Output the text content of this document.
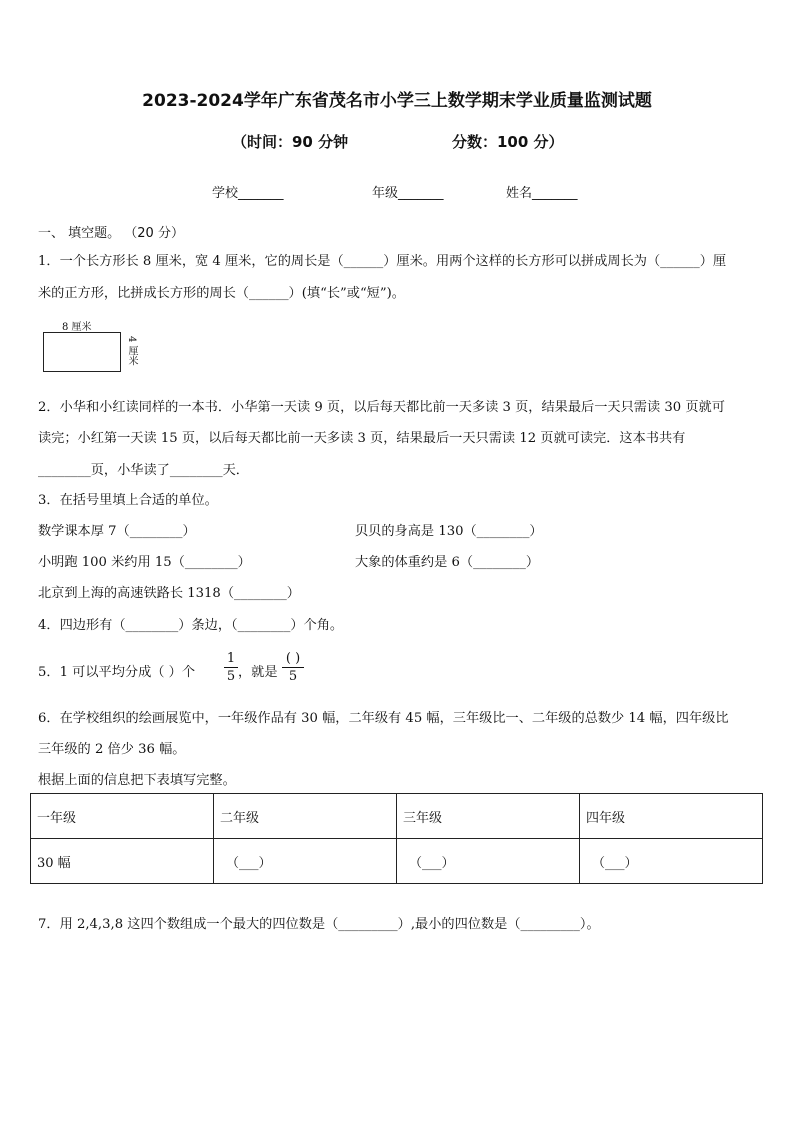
2023-2024学年广东省茂名市小学三上数学期末学业质量监测试题
（时间：90 分钟	分数：100 分）
学校_______	年级_______	姓名_______
一、 填空题。 （20 分）
1．一个长方形长 8 厘米，宽 4 厘米，它的周长是（______）厘米。用两个这样的长方形可以拼成周长为（______）厘
米的正方形，比拼成长方形的周长（______）(填“长”或“短”)。
8 厘米
4 厘米
2．小华和小红读同样的一本书．小华第一天读 9 页，以后每天都比前一天多读 3 页，结果最后一天只需读 30 页就可
读完；小红第一天读 15 页，以后每天都比前一天多读 3 页，结果最后一天只需读 12 页就可读完．这本书共有
________页，小华读了________天．
3．在括号里填上合适的单位。
数学课本厚 7（________）	贝贝的身高是 130（________）
小明跑 100 米约用 15（________）	大象的体重约是 6（________）
北京到上海的高速铁路长 1318（________）
4．四边形有（________）条边，（________）个角。
5．1 可以平均分成（ ）个
1
5 ，就是
( )
5
6．在学校组织的绘画展览中，一年级作品有 30 幅，二年级有 45 幅，三年级比一、二年级的总数少 14 幅，四年级比
三年级的 2 倍少 36 幅。
根据上面的信息把下表填写完整。
一年级	二年级	三年级	四年级
30 幅	（___）	（___）	（___）
7．用 2,4,3,8 这四个数组成一个最大的四位数是（_________）,最小的四位数是（_________）。
